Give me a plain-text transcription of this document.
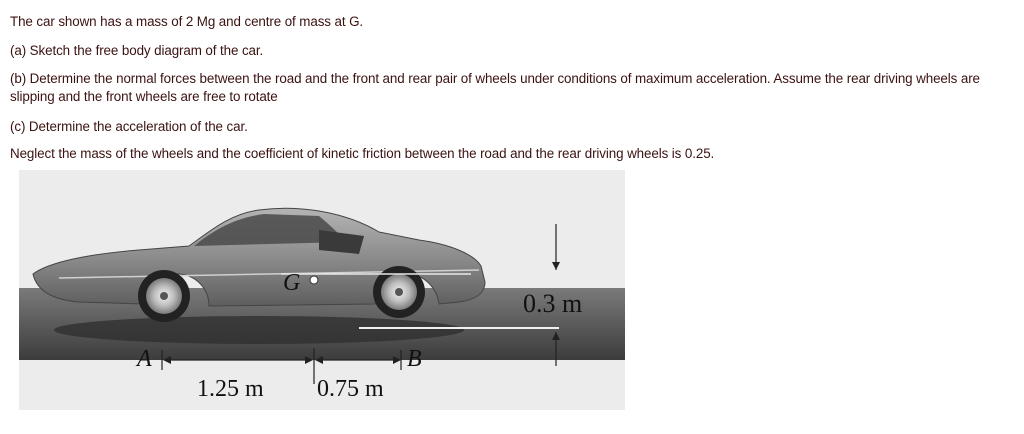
The car shown has a mass of 2 Mg and centre of mass at G.
(a) Sketch the free body diagram of the car.
(b) Determine the normal forces between the road and the front and rear pair of wheels under conditions of maximum acceleration. Assume the rear driving wheels are slipping and the front wheels are free to rotate
(c) Determine the acceleration of the car.
Neglect the mass of the wheels and the coefficient of kinetic friction between the road and the rear driving wheels is 0.25.
G
0.3 m
A	B
1.25 m 0.75 m
